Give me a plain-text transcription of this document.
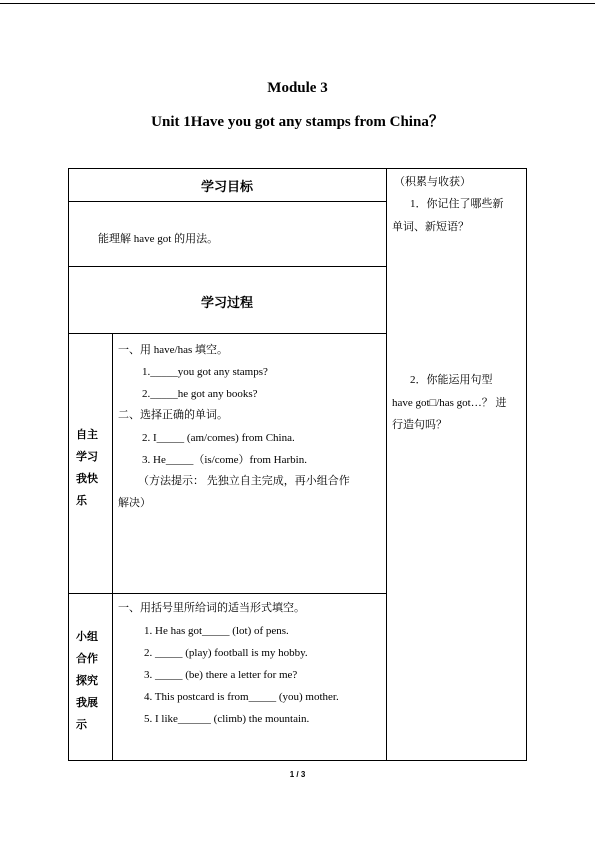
Module 3
Unit 1Have you got any stamps from China？
学习目标
能理解 have got 的用法。
学习过程
自主
学习
我快
乐
一、用 have/has 填空。
1._____you got any stamps?
2._____he got any books?
二、选择正确的单词。
2. I_____ (am/comes) from China.
3. He_____（is/come）from Harbin.
（方法提示： 先独立自主完成，再小组合作
解决）
小组
合作
探究
我展
示
一、用括号里所给词的适当形式填空。
1. He has got_____ (lot) of pens.
2. _____ (play) football is my hobby.
3. _____ (be) there a letter for me?
4. This postcard is from_____ (you) mother.
5. I like______ (climb) the mountain.
（积累与收获）
1．你记住了哪些新
单词、新短语？
2．你能运用句型
have got□/has got…？ 进
行造句吗？
1 / 3
